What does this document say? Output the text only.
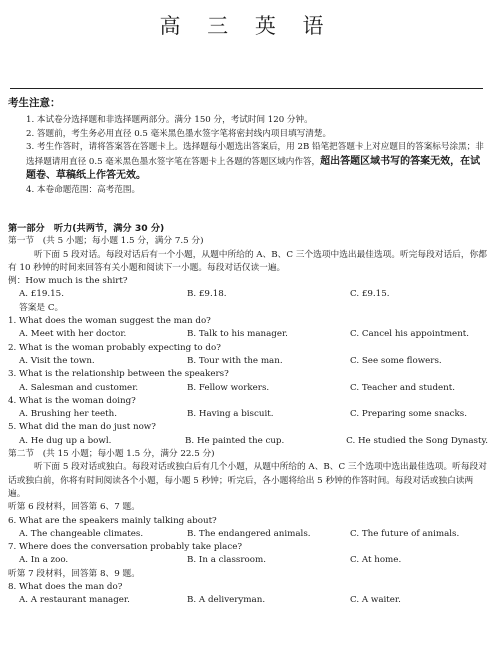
高 三 英 语
考生注意：
1. 本试卷分选择题和非选择题两部分。满分 150 分，考试时间 120 分钟。
2. 答题前，考生务必用直径 0.5 毫米黑色墨水签字笔将密封线内项目填写清楚。
3. 考生作答时，请将答案答在答题卡上。选择题每小题选出答案后，用 2B 铅笔把答题卡上对应题目的答案标号涂黑；非选择题请用直径 0.5 毫米黑色墨水签字笔在答题卡上各题的答题区域内作答，超出答题区域书写的答案无效，在试题卷、草稿纸上作答无效。
4. 本卷命题范围：高考范围。

第一部分　听力(共两节，满分 30 分)

第一节　(共 5 小题；每小题 1.5 分，满分 7.5 分)

听下面 5 段对话。每段对话后有一个小题，从题中所给的 A、B、C 三个选项中选出最佳选项。听完每段对话后，你都有 10 秒钟的时间来回答有关小题和阅读下一小题。每段对话仅读一遍。

例：How much is the shirt?

A. £19.15.	B. £9.18.	C. £9.15.

答案是 C。

1. What does the woman suggest the man do?

A. Meet with her doctor.	B. Talk to his manager.	C. Cancel his appointment.

2. What is the woman probably expecting to do?

A. Visit the town.	B. Tour with the man.	C. See some flowers.

3. What is the relationship between the speakers?

A. Salesman and customer.	B. Fellow workers.	C. Teacher and student.

4. What is the woman doing?

A. Brushing her teeth.	B. Having a biscuit.	C. Preparing some snacks.

5. What did the man do just now?

A. He dug up a bowl.	B. He painted the cup.	C. He studied the Song Dynasty.

第二节　(共 15 小题；每小题 1.5 分，满分 22.5 分)

听下面 5 段对话或独白。每段对话或独白后有几个小题，从题中所给的 A、B、C 三个选项中选出最佳选项。听每段对话或独白前，你将有时间阅读各个小题，每小题 5 秒钟；听完后，各小题将给出 5 秒钟的作答时间。每段对话或独白读两遍。

听第 6 段材料，回答第 6、7 题。

6. What are the speakers mainly talking about?

A. The changeable climates.	B. The endangered animals.	C. The future of animals.

7. Where does the conversation probably take place?

A. In a zoo.	B. In a classroom.	C. At home.

听第 7 段材料，回答第 8、9 题。

8. What does the man do?

A. A restaurant manager.	B. A deliveryman.	C. A waiter.
